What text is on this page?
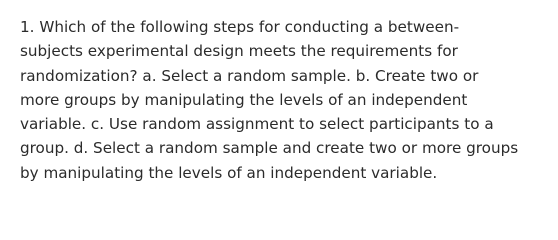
1. Which of the following steps for conducting a between-
subjects experimental design meets the requirements for
randomization? a. Select a random sample. b. Create two or
more groups by manipulating the levels of an independent
variable. c. Use random assignment to select participants to a
group. d. Select a random sample and create two or more groups
by manipulating the levels of an independent variable.
